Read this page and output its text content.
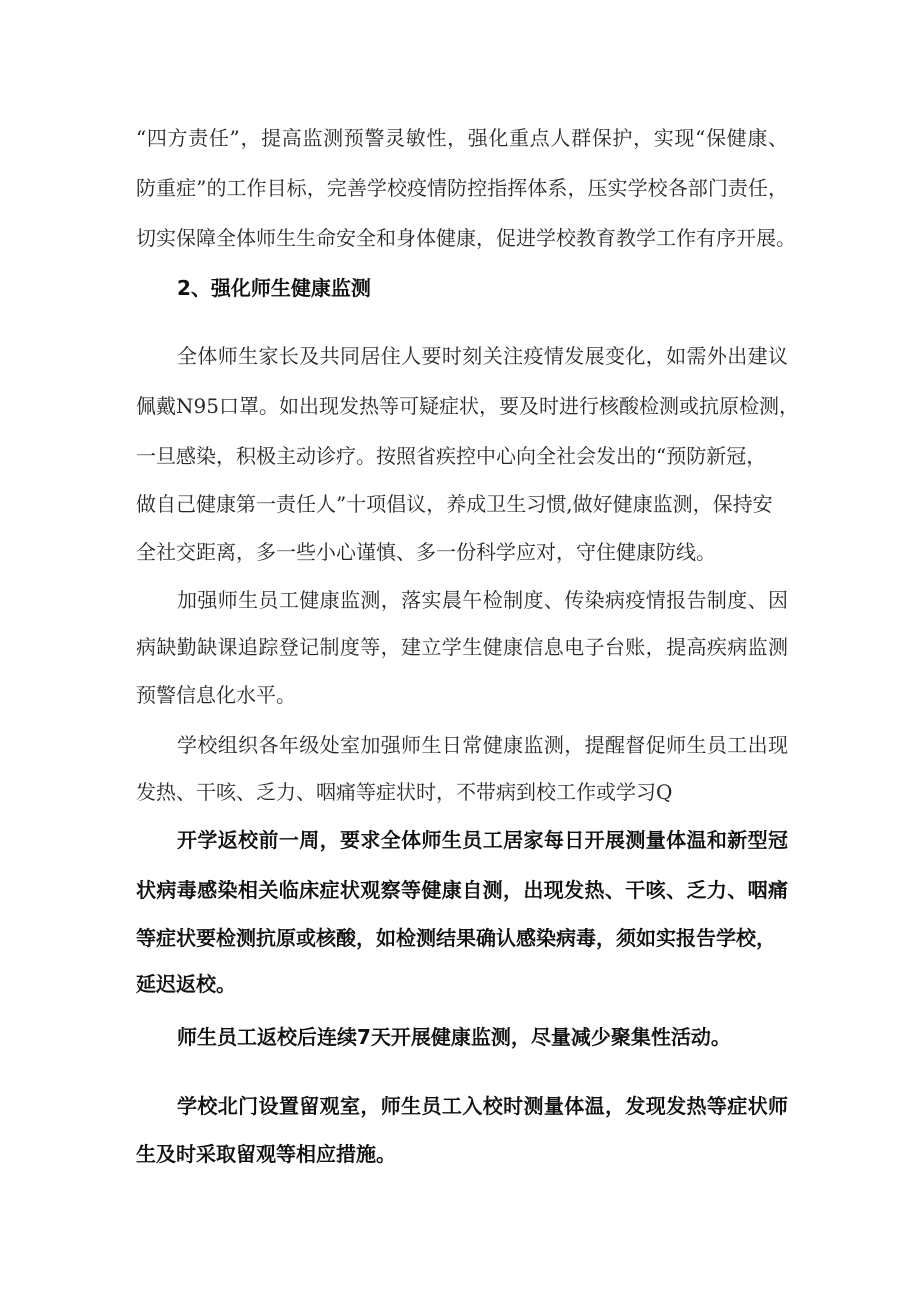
“四方责任”，提高监测预警灵敏性，强化重点人群保护，实现“保健康、

防重症”的工作目标，完善学校疫情防控指挥体系，压实学校各部门责任，

切实保障全体师生生命安全和身体健康，促进学校教育教学工作有序开展。

2、强化师生健康监测

全体师生家长及共同居住人要时刻关注疫情发展变化，如需外出建议

佩戴N95口罩。如出现发热等可疑症状，要及时进行核酸检测或抗原检测，

一旦感染，积极主动诊疗。按照省疾控中心向全社会发出的“预防新冠，

做自己健康第一责任人”十项倡议，养成卫生习惯,做好健康监测，保持安

全社交距离，多一些小心谨慎、多一份科学应对，守住健康防线。

加强师生员工健康监测，落实晨午检制度、传染病疫情报告制度、因

病缺勤缺课追踪登记制度等，建立学生健康信息电子台账，提高疾病监测

预警信息化水平。

学校组织各年级处室加强师生日常健康监测，提醒督促师生员工出现

发热、干咳、乏力、咽痛等症状时，不带病到校工作或学习Q

开学返校前一周，要求全体师生员工居家每日开展测量体温和新型冠

状病毒感染相关临床症状观察等健康自测，出现发热、干咳、乏力、咽痛

等症状要检测抗原或核酸，如检测结果确认感染病毒，须如实报告学校，

延迟返校。

师生员工返校后连续7天开展健康监测，尽量减少聚集性活动。

学校北门设置留观室，师生员工入校时测量体温，发现发热等症状师

生及时采取留观等相应措施。
